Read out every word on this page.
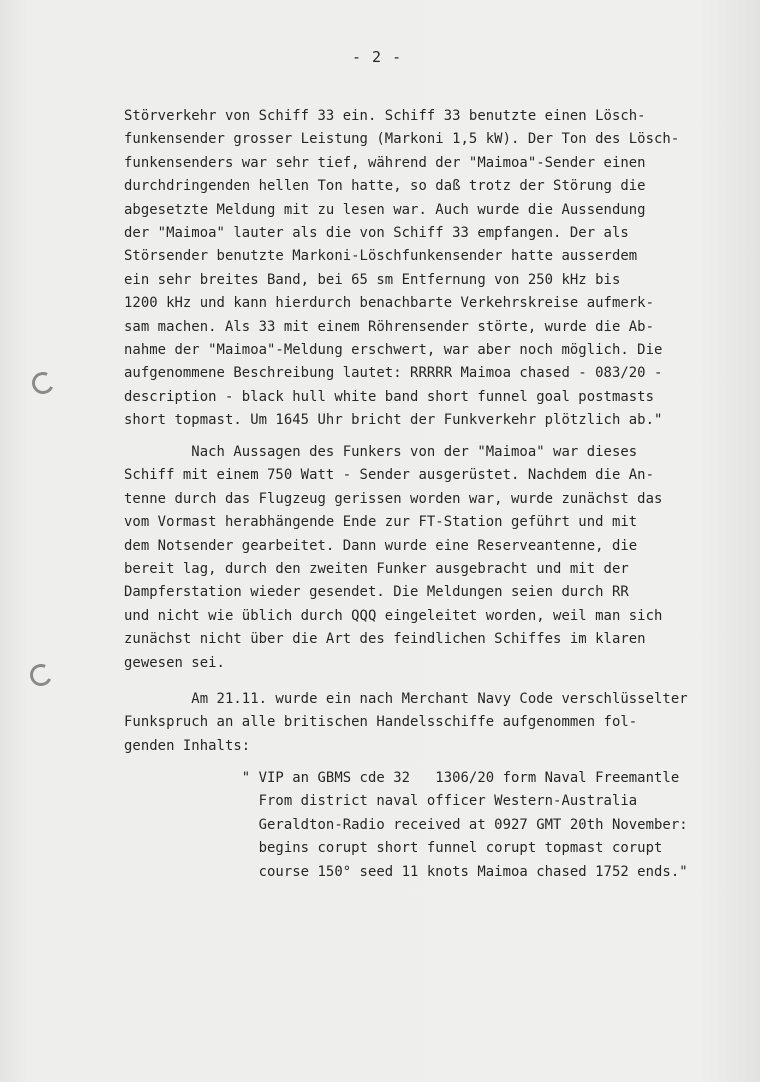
- 2 -
Störverkehr von Schiff 33 ein. Schiff 33 benutzte einen Lösch-
funkensender grosser Leistung (Markoni 1,5 kW). Der Ton des Lösch-
funkensenders war sehr tief, während der "Maimoa"-Sender einen
durchdringenden hellen Ton hatte, so daß trotz der Störung die
abgesetzte Meldung mit zu lesen war. Auch wurde die Aussendung
der "Maimoa" lauter als die von Schiff 33 empfangen. Der als
Störsender benutzte Markoni-Löschfunkensender hatte ausserdem
ein sehr breites Band, bei 65 sm Entfernung von 250 kHz bis
1200 kHz und kann hierdurch benachbarte Verkehrskreise aufmerk-
sam machen. Als 33 mit einem Röhrensender störte, wurde die Ab-
nahme der "Maimoa"-Meldung erschwert, war aber noch möglich. Die
aufgenommene Beschreibung lautet: RRRRR Maimoa chased - 083/20 -
description - black hull white band short funnel goal postmasts
short topmast. Um 1645 Uhr bricht der Funkverkehr plötzlich ab."
Nach Aussagen des Funkers von der "Maimoa" war dieses
Schiff mit einem 750 Watt - Sender ausgerüstet. Nachdem die An-
tenne durch das Flugzeug gerissen worden war, wurde zunächst das
vom Vormast herabhängende Ende zur FT-Station geführt und mit
dem Notsender gearbeitet. Dann wurde eine Reserveantenne, die
bereit lag, durch den zweiten Funker ausgebracht und mit der
Dampferstation wieder gesendet. Die Meldungen seien durch RR
und nicht wie üblich durch QQQ eingeleitet worden, weil man sich
zunächst nicht über die Art des feindlichen Schiffes im klaren
gewesen sei.
Am 21.11. wurde ein nach Merchant Navy Code verschlüsselter
Funkspruch an alle britischen Handelsschiffe aufgenommen fol-
genden Inhalts:
" VIP an GBMS cde 32   1306/20 form Naval Freemantle
From district naval officer Western-Australia
Geraldton-Radio received at 0927 GMT 20th November:
begins corupt short funnel corupt topmast corupt
course 150° seed 11 knots Maimoa chased 1752 ends."
